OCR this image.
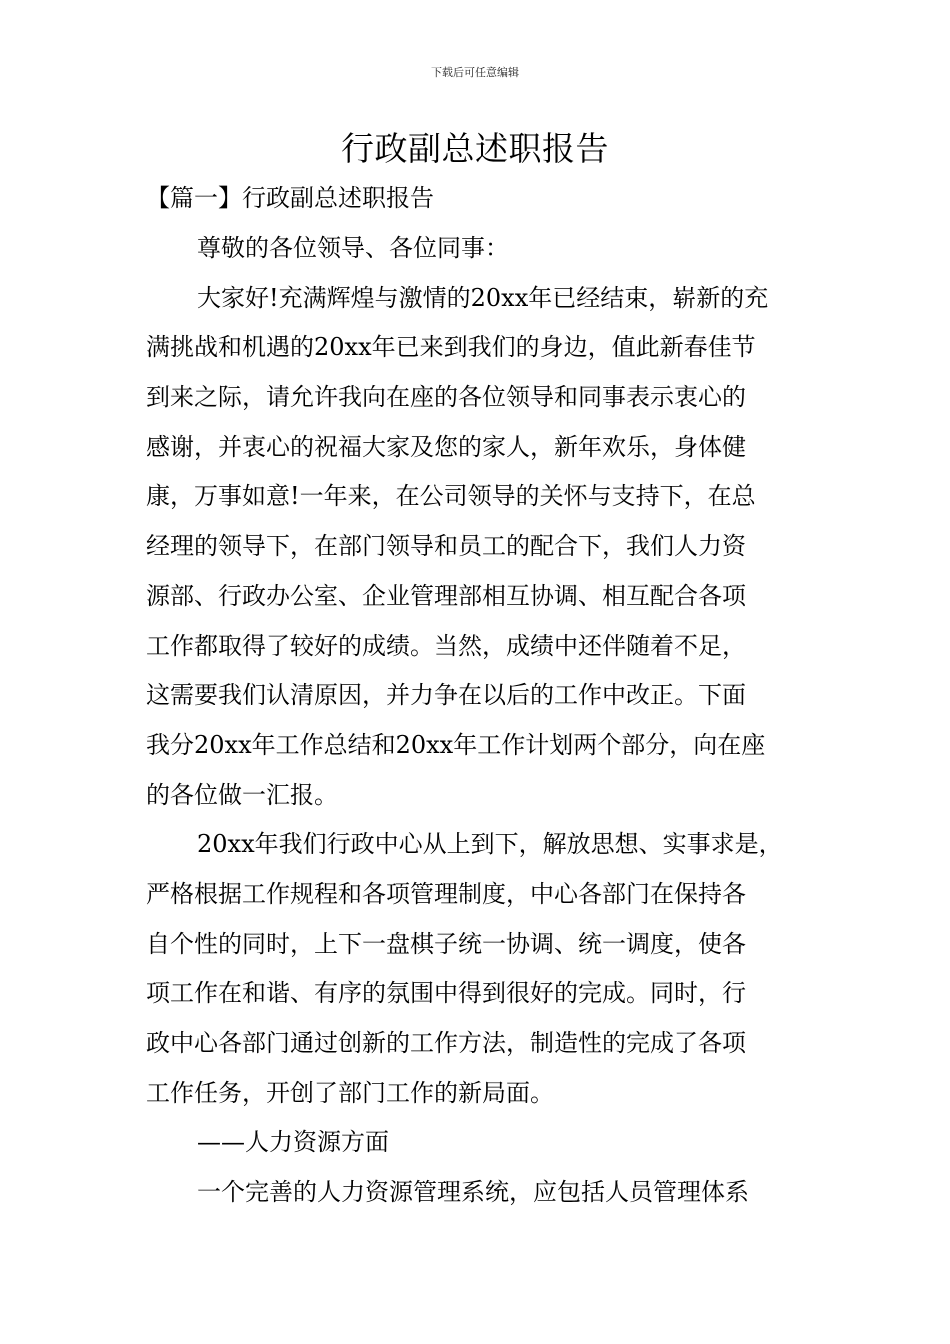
下载后可任意编辑
行政副总述职报告
【篇一】行政副总述职报告
尊敬的各位领导、各位同事：
大家好!充满辉煌与激情的20xx年已经结束，崭新的充
满挑战和机遇的20xx年已来到我们的身边，值此新春佳节
到来之际，请允许我向在座的各位领导和同事表示衷心的
感谢，并衷心的祝福大家及您的家人，新年欢乐，身体健
康，万事如意!一年来，在公司领导的关怀与支持下，在总
经理的领导下，在部门领导和员工的配合下，我们人力资
源部、行政办公室、企业管理部相互协调、相互配合各项
工作都取得了较好的成绩。当然，成绩中还伴随着不足，
这需要我们认清原因，并力争在以后的工作中改正。下面
我分20xx年工作总结和20xx年工作计划两个部分，向在座
的各位做一汇报。
20xx年我们行政中心从上到下，解放思想、实事求是，
严格根据工作规程和各项管理制度，中心各部门在保持各
自个性的同时，上下一盘棋子统一协调、统一调度，使各
项工作在和谐、有序的氛围中得到很好的完成。同时，行
政中心各部门通过创新的工作方法，制造性的完成了各项
工作任务，开创了部门工作的新局面。
——人力资源方面
一个完善的人力资源管理系统，应包括人员管理体系
